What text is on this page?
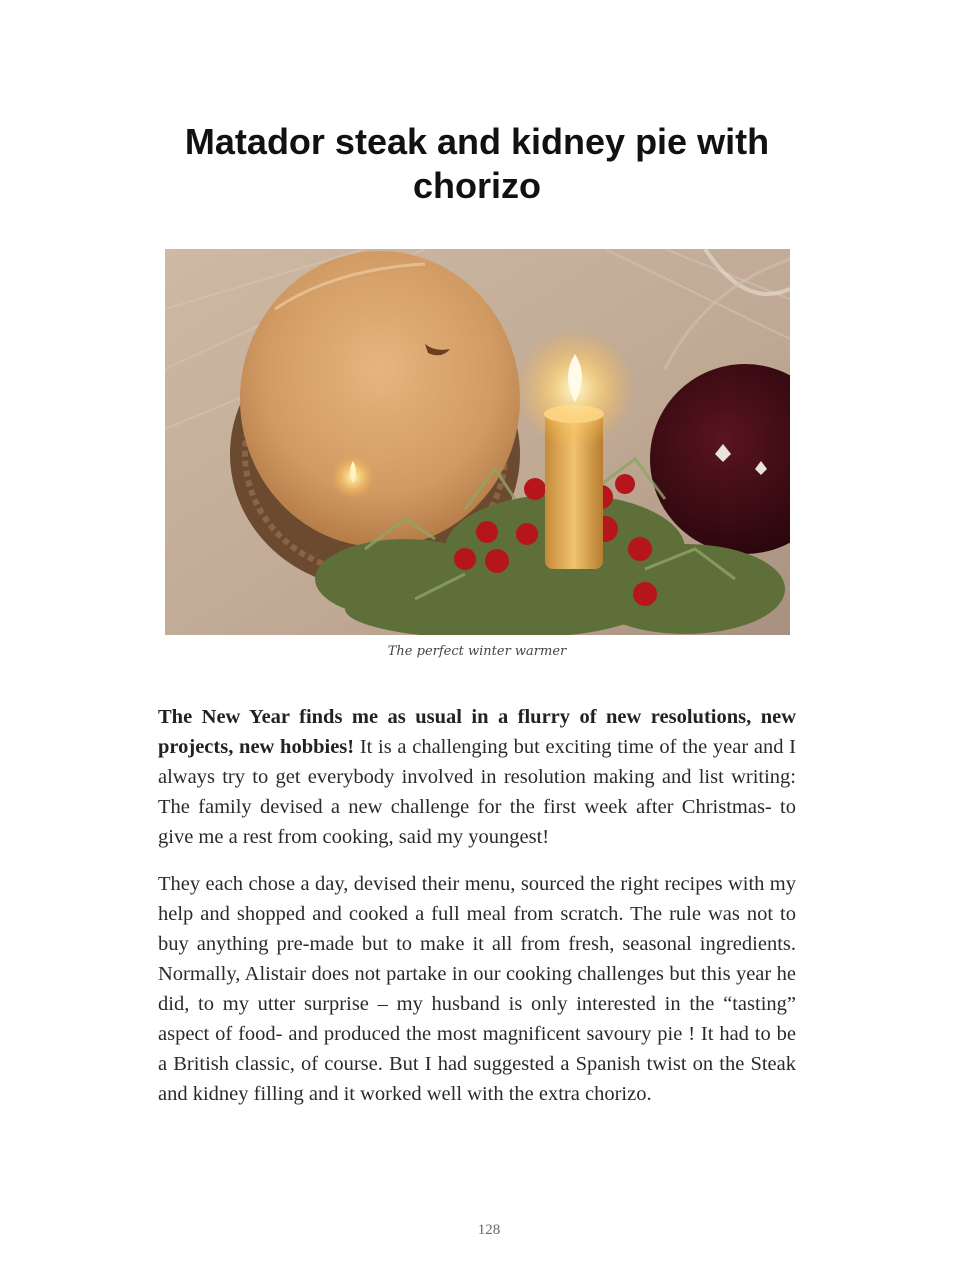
Matador steak and kidney pie with chorizo
The perfect winter warmer

The New Year finds me as usual in a flurry of new resolutions, new projects, new hobbies! It is a challenging but exciting time of the year and I always try to get everybody involved in resolution making and list writing: The family devised a new challenge for the first week after Christmas- to give me a rest from cooking, said my youngest!

They each chose a day, devised their menu, sourced the right recipes with my help and shopped and cooked a full meal from scratch. The rule was not to buy anything pre-made but to make it all from fresh, seasonal ingredients. Normally, Alistair does not partake in our cooking challenges but this year he did, to my utter surprise – my husband is only interested in the “tasting” aspect of food- and produced the most magnificent savoury pie ! It had to be a British classic, of course. But I had suggested a Spanish twist on the Steak and kidney filling and it worked well with the extra chorizo.

128
